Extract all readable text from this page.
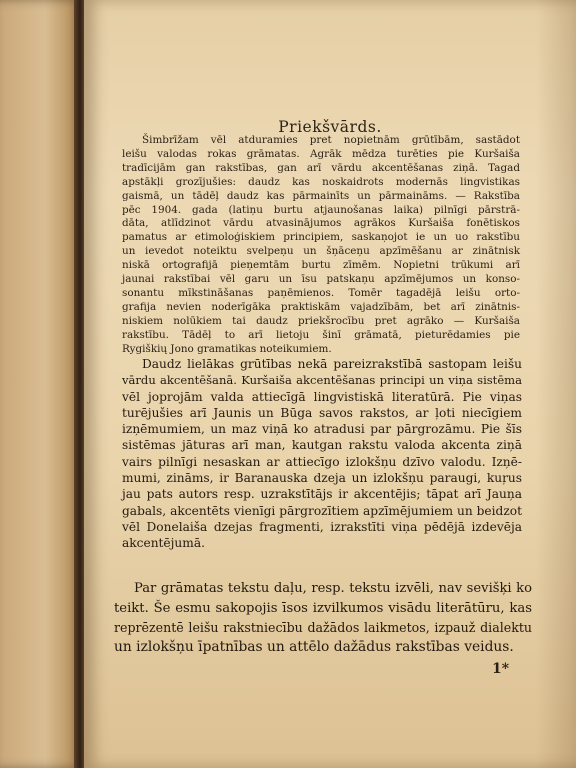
Priekšvārds.
Šimbrīžam vēl atduramies pret nopietnām grūtībām, sastādot
leišu valodas rokas grāmatas. Agrāk mēdza turēties pie Kuršaiša
tradīcijām gan rakstības, gan arī vārdu akcentēšanas ziņā. Tagad
apstākļi grozījušies: daudz kas noskaidrots modernās lingvistikas
gaismā, un tādēļ daudz kas pārmainīts un pārmaināms. — Rakstība
pēc 1904. gada (latiņu burtu atjaunošanas laika) pilnīgi pārstrā-
dāta, atlīdzinot vārdu atvasinājumos agrākos Kuršaiša fonētiskos
pamatus ar etimoloģiskiem principiem, saskaņojot ie un uo rakstību
un ievedot noteiktu svelpeņu un šņāceņu apzīmēšanu ar zinātnisk
niskā ortografijā pieņemtām burtu zīmēm. Nopietni trūkumi arī
jaunai rakstībai vēl garu un īsu patskaņu apzīmējumos un konso-
sonantu mīkstināšanas paņēmienos. Tomēr tagadējā leišu orto-
grafija nevien noderīgāka praktiskām vajadzībām, bet arī zinātnis-
niskiem nolūkiem tai daudz priekšrocību pret agrāko — Kuršaiša
rakstību. Tādēļ to arī lietoju šinī grāmatā, pieturēdamies pie
Rygiškių Jono gramatikas noteikumiem.
Daudz lielākas grūtības nekā pareizrakstībā sastopam leišu
vārdu akcentēšanā. Kuršaiša akcentēšanas principi un viņa sistēma
vēl joprojām valda attiecīgā lingvistiskā literatūrā. Pie viņas
turējušies arī Jaunis un Būga savos rakstos, ar ļoti niecīgiem
izņēmumiem, un maz viņā ko atradusi par pārgrozāmu. Pie šīs
sistēmas jāturas arī man, kautgan rakstu valoda akcenta ziņā
vairs pilnīgi nesaskan ar attiecīgo izlokšņu dzīvo valodu. Izņē-
mumi, zināms, ir Baranauska dzeja un izlokšņu paraugi, kuŗus
jau pats autors resp. uzrakstītājs ir akcentējis; tāpat arī Jauņa
gabals, akcentēts vienīgi pārgrozītiem apzīmējumiem un beidzot
vēl Donelaiša dzejas fragmenti, izrakstīti viņa pēdējā izdevēja
akcentējumā.
Par grāmatas tekstu daļu, resp. tekstu izvēli, nav sevišķi ko
teikt. Še esmu sakopojis īsos izvilkumos visādu literātūru, kas
reprēzentē leišu rakstniecību dažādos laikmetos, izpauž dialektu
un izlokšņu īpatnības un attēlo dažādus rakstības veidus.
1*
